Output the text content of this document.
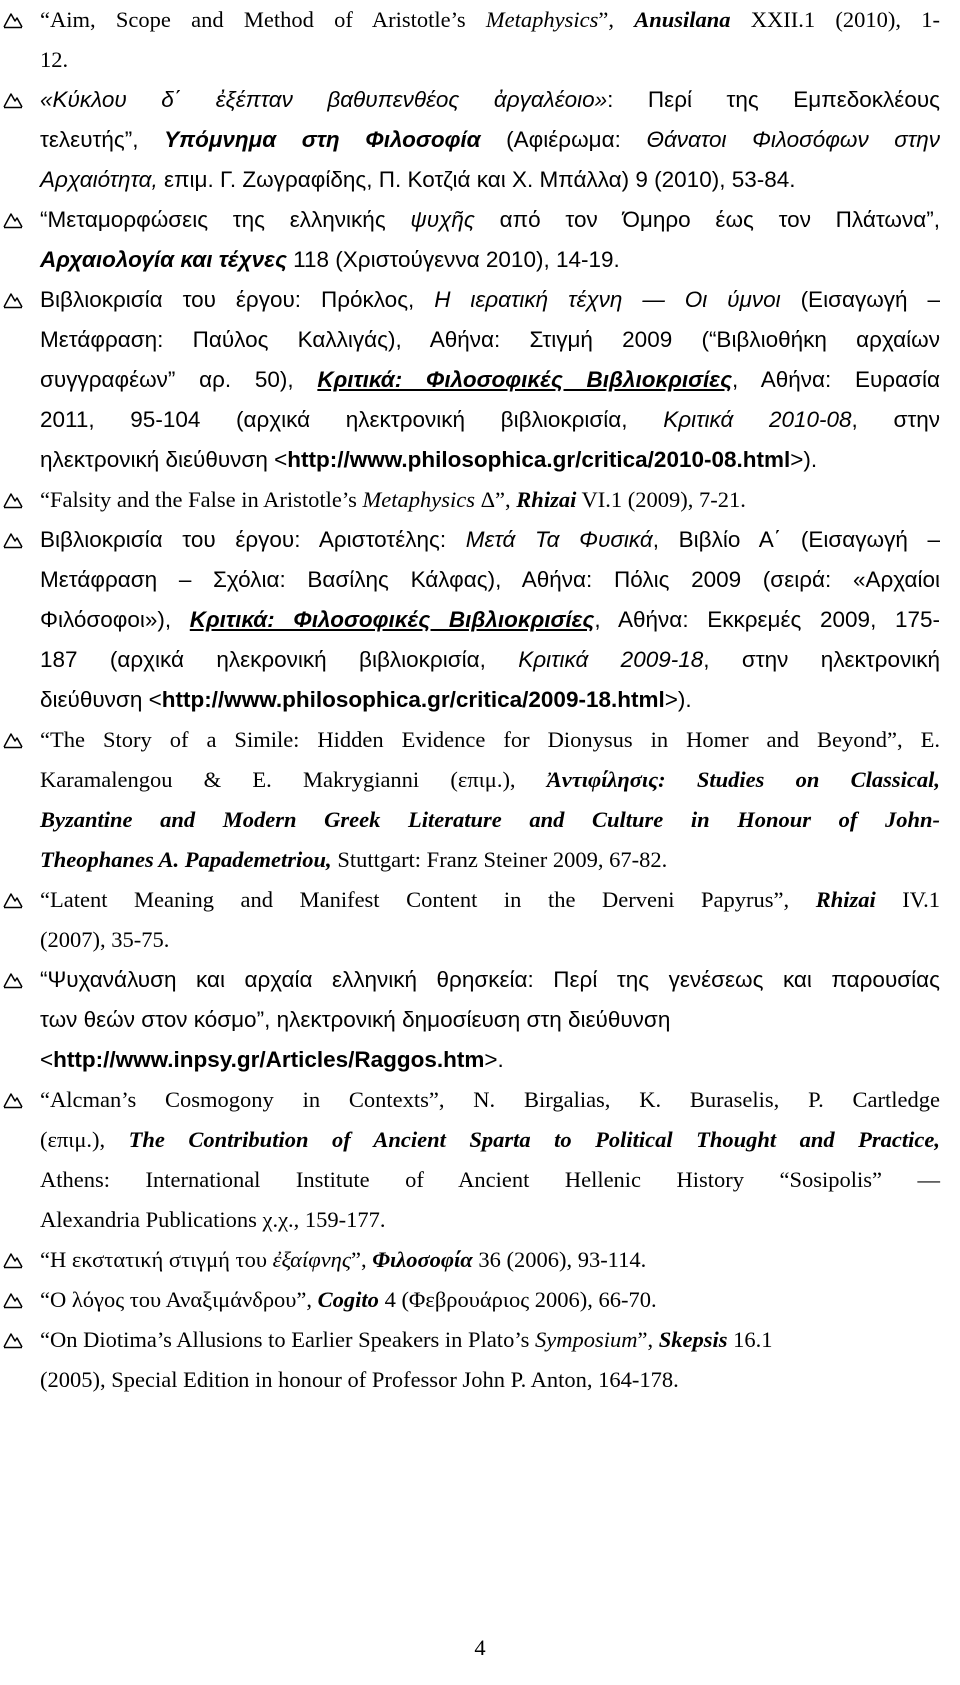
“Aim, Scope and Method of Aristotle’s Metaphysics”, Anusilana XXII.1 (2010), 1-
12.
«Κύκλου δ΄ ἐξέπταν βαθυπενθέος ἀργαλέοιο»: Περί της Εμπεδοκλέους
τελευτής”, Υπόμνημα στη Φιλοσοφία (Αφιέρωμα: Θάνατοι Φιλοσόφων στην
Αρχαιότητα, επιμ. Γ. Ζωγραφίδης, Π. Κοτζιά και Χ. Μπάλλα) 9 (2010), 53-84.
“Μεταμορφώσεις της ελληνικής ψυχῆς από τον Όμηρο έως τον Πλάτωνα”,
Αρχαιολογία και τέχνες 118 (Χριστούγεννα 2010), 14-19.
Βιβλιοκρισία του έργου: Πρόκλος, Η ιερατική τέχνη — Οι ύμνοι (Εισαγωγή –
Μετάφραση: Παύλος Καλλιγάς), Αθήνα: Στιγμή 2009 (“Βιβλιοθήκη αρχαίων
συγγραφέων” αρ. 50), Κριτικά: Φιλοσοφικές Βιβλιοκρισίες, Αθήνα: Ευρασία
2011, 95-104 (αρχικά ηλεκτρονική βιβλιοκρισία, Κριτικά 2010-08, στην
ηλεκτρονική διεύθυνση <http://www.philosophica.gr/critica/2010-08.html>).
“Falsity and the False in Aristotle’s Metaphysics Δ”, Rhizai VI.1 (2009), 7-21.
Βιβλιοκρισία του έργου: Αριστοτέλης: Μετά Τα Φυσικά, Βιβλίο Α΄ (Εισαγωγή –
Μετάφραση – Σχόλια: Βασίλης Κάλφας), Αθήνα: Πόλις 2009 (σειρά: «Αρχαίοι
Φιλόσοφοι»), Κριτικά: Φιλοσοφικές Βιβλιοκρισίες, Αθήνα: Εκκρεμές 2009, 175-
187 (αρχικά ηλεκρονική βιβλιοκρισία, Κριτικά 2009-18, στην ηλεκτρονική
διεύθυνση <http://www.philosophica.gr/critica/2009-18.html>).
“The Story of a Simile: Hidden Evidence for Dionysus in Homer and Beyond”, E.
Karamalengou & E. Makrygianni (επιμ.), Ἀντιφίλησις: Studies on Classical,
Byzantine and Modern Greek Literature and Culture in Honour of John-
Theophanes A. Papademetriou, Stuttgart: Franz Steiner 2009, 67-82.
“Latent Meaning and Manifest Content in the Derveni Papyrus”, Rhizai IV.1
(2007), 35-75.
“Ψυχανάλυση και αρχαία ελληνική θρησκεία: Περί της γενέσεως και παρουσίας
των θεών στον κόσμο”, ηλεκτρονική δημοσίευση στη διεύθυνση
<http://www.inpsy.gr/Articles/Raggos.htm>.
“Alcman’s Cosmogony in Contexts”, N. Birgalias, K. Buraselis, P. Cartledge
(επιμ.), The Contribution of Ancient Sparta to Political Thought and Practice,
Athens: International Institute of Ancient Hellenic History “Sosipolis” —
Alexandria Publications χ.χ., 159-177.
“Η εκστατική στιγμή του ἐξαίφνης”, Φιλοσοφία 36 (2006), 93-114.
“Ο λόγος του Αναξιμάνδρου”, Cogito 4 (Φεβρουάριος 2006), 66-70.
“On Diotima’s Allusions to Earlier Speakers in Plato’s Symposium”, Skepsis 16.1
(2005), Special Edition in honour of Professor John P. Anton, 164-178.
4
